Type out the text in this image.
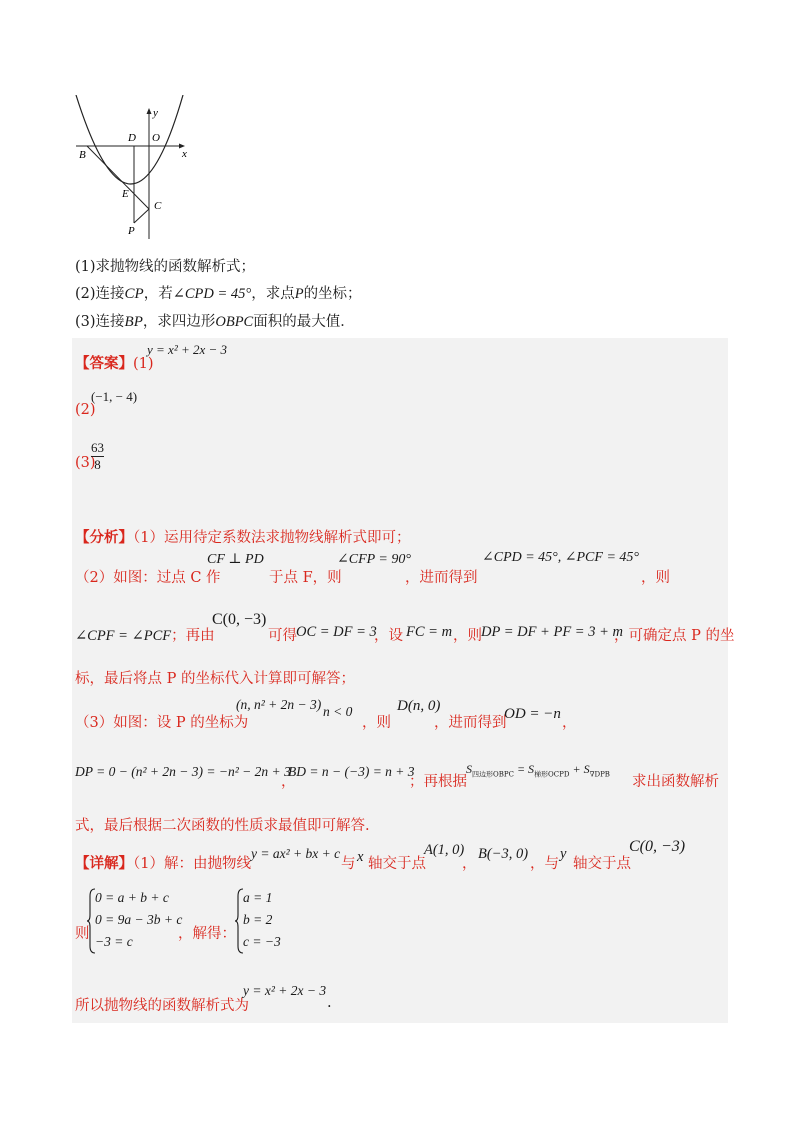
y
x
O
D
B
E
C
P
(1)求抛物线的函数解析式；
(2)连接CP，若∠CPD = 45°，求点P的坐标；
(3)连接BP，求四边形OBPC面积的最大值．
【答案】(1)
y = x² + 2x − 3
(2)
(−1, − 4)
(3)
$\frac{63}{8}$
【分析】（1）运用待定系数法求抛物线解析式即可；
（2）如图：过点 C 作
CF ⊥ PD
于点 F，则
∠CFP = 90°
，进而得到
∠CPD = 45°, ∠PCF = 45°
，则
∠CPF = ∠PCF；再由
C(0, −3)
可得 OC = DF = 3
，设 FC = m ，则 DP = DF + PF = 3 + m
，可确定点 P 的坐
标，最后将点 P 的坐标代入计算即可解答；
（3）如图：设 P 的坐标为
(n, n² + 2n − 3) n < 0
，则
D(n, 0)
，进而得到
OD = −n
，
DP = 0 − (n² + 2n − 3) = −n² − 2n + 3
，
BD = n − (−3) = n + 3
；再根据
$S_{四边形OBPC} = S_{梯形OCPD} + S_{\nabla DPB}$ 求出函数解析
式，最后根据二次函数的性质求最值即可解答.
【详解】（1）解：由抛物线
y = ax² + bx + c
与 x 轴交于点
A(1, 0)
，
B(−3, 0)
，与
y
轴交于点
C(0, −3)
则
0 = a + b + c
0 = 9a − 3b + c
−3 = c	，解得：
a = 1
b = 2
c = −3
所以抛物线的函数解析式为
y = x² + 2x − 3
.
